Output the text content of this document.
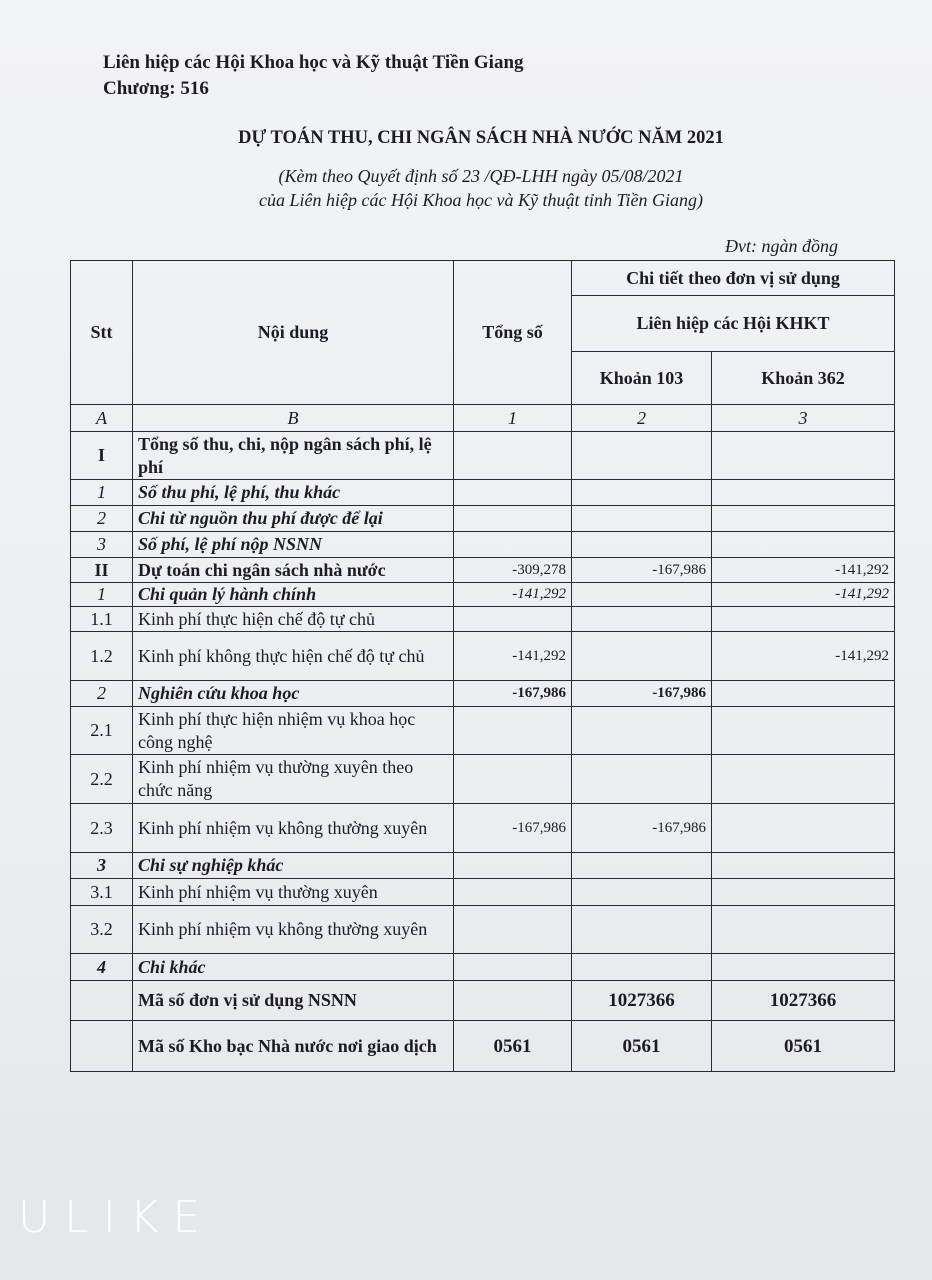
Liên hiệp các Hội Khoa học và Kỹ thuật Tiền Giang
Chương: 516
DỰ TOÁN THU, CHI NGÂN SÁCH NHÀ NƯỚC NĂM 2021
(Kèm theo Quyết định số 23 /QĐ-LHH ngày 05/08/2021
của Liên hiệp các Hội Khoa học và Kỹ thuật tỉnh Tiền Giang)
Đvt: ngàn đồng
Stt	Nội dung	Tổng số	Chi tiết theo đơn vị sử dụng	
			Liên hiệp các Hội KHKT	
			Khoản 103	Khoản 362
A	B	1	2	3
I	Tổng số thu, chi, nộp ngân sách phí, lệ phí			
1	Số thu phí, lệ phí, thu khác			
2	Chi từ nguồn thu phí được để lại			
3	Số phí, lệ phí nộp NSNN			
II	Dự toán chi ngân sách nhà nước	-309,278	-167,986	-141,292
1	Chi quản lý hành chính	-141,292		-141,292
1.1	Kinh phí thực hiện chế độ tự chủ			
1.2	Kinh phí không thực hiện chế độ tự chủ	-141,292		-141,292
2	Nghiên cứu khoa học	-167,986	-167,986	
2.1	Kinh phí thực hiện nhiệm vụ khoa học công nghệ			
2.2	Kinh phí nhiệm vụ thường xuyên theo chức năng			
2.3	Kinh phí nhiệm vụ không thường xuyên	-167,986	-167,986	
3	Chi sự nghiệp khác			
3.1	Kinh phí nhiệm vụ thường xuyên			
3.2	Kinh phí nhiệm vụ không thường xuyên			
4	Chi khác			
	Mã số đơn vị sử dụng NSNN		1027366	1027366
	Mã số Kho bạc Nhà nước nơi giao dịch	0561	0561	0561
ULIKE
